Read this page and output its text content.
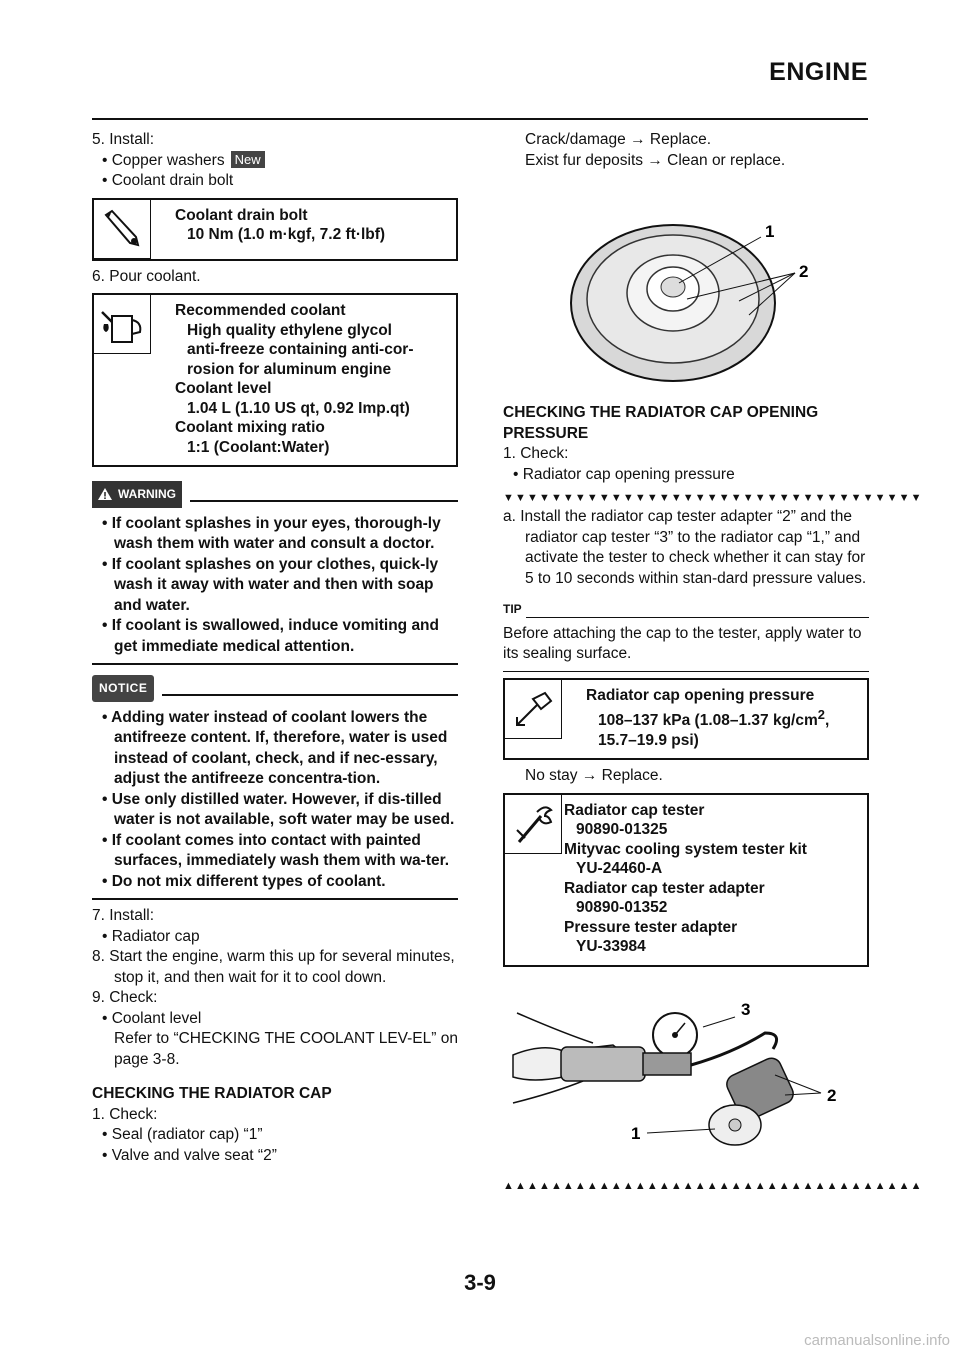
ENGINE

5. Install:

• Copper washers New

• Coolant drain bolt

Coolant drain bolt
10 Nm (1.0 m·kgf, 7.2 ft·lbf)

6. Pour coolant.

Recommended coolant
High quality ethylene glycol
anti-freeze containing anti-cor-
rosion for aluminum engine
Coolant level
1.04 L (1.10 US qt, 0.92 Imp.qt)
Coolant mixing ratio
1:1 (Coolant:Water)
WARNING
• If coolant splashes in your eyes, thorough-ly wash them with water and consult a doctor.
• If coolant splashes on your clothes, quick-ly wash it away with water and then with soap and water.
• If coolant is swallowed, induce vomiting and get immediate medical attention.
NOTICE
• Adding water instead of coolant lowers the antifreeze content. If, therefore, water is used instead of coolant, check, and if nec-essary, adjust the antifreeze concentra-tion.
• Use only distilled water. However, if dis-tilled water is not available, soft water may be used.
• If coolant comes into contact with painted surfaces, immediately wash them with wa-ter.
• Do not mix different types of coolant.

7. Install:

• Radiator cap

8. Start the engine, warm this up for several minutes, stop it, and then wait for it to cool down.

9. Check:

• Coolant level

Refer to “CHECKING THE COOLANT LEV-EL” on page 3-8.

CHECKING THE RADIATOR CAP

1. Check:

• Seal (radiator cap) “1”

• Valve and valve seat “2”

Crack/damage → Replace.

Exist fur deposits → Clean or replace.

1
2

CHECKING THE RADIATOR CAP OPENING PRESSURE

1. Check:

• Radiator cap opening pressure

▼▼▼▼▼▼▼▼▼▼▼▼▼▼▼▼▼▼▼▼▼▼▼▼▼▼▼▼▼▼▼▼▼▼▼

a. Install the radiator cap tester adapter “2” and the radiator cap tester “3” to the radiator cap “1,” and activate the tester to check whether it can stay for 5 to 10 seconds within stan-dard pressure values.

TIP

Before attaching the cap to the tester, apply water to its sealing surface.

Radiator cap opening pressure
108–137 kPa (1.08–1.37 $kg/cm^2$,
15.7–19.9 psi)

No stay → Replace.

Radiator cap tester
90890-01325
Mityvac cooling system tester kit
YU-24460-A
Radiator cap tester adapter
90890-01352
Pressure tester adapter
YU-33984
3
2
1
▲▲▲▲▲▲▲▲▲▲▲▲▲▲▲▲▲▲▲▲▲▲▲▲▲▲▲▲▲▲▲▲▲▲▲
3-9
carmanualsonline.info
